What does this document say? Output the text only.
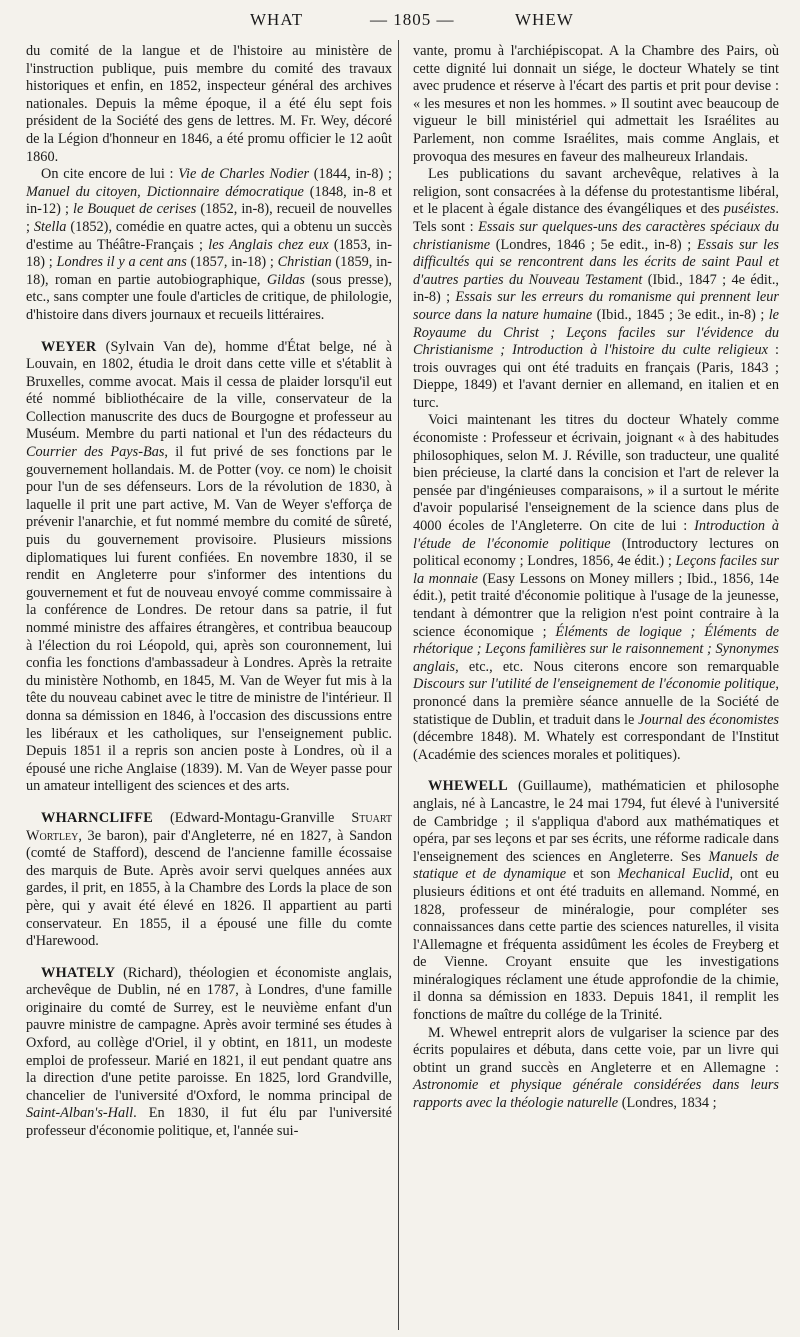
WHAT	— 1805 —	WHEW

du comité de la langue et de l'histoire au ministère de l'instruction publique, puis membre du comité des travaux historiques et enfin, en 1852, inspecteur général des archives nationales. Depuis la même époque, il a été élu sept fois président de la Société des gens de lettres. M. Fr. Wey, décoré de la Légion d'honneur en 1846, a été promu officier le 12 août 1860.

On cite encore de lui : Vie de Charles Nodier (1844, in-8) ; Manuel du citoyen, Dictionnaire démocratique (1848, in-8 et in-12) ; le Bouquet de cerises (1852, in-8), recueil de nouvelles ; Stella (1852), comédie en quatre actes, qui a obtenu un succès d'estime au Théâtre-Français ; les Anglais chez eux (1853, in-18) ; Londres il y a cent ans (1857, in-18) ; Christian (1859, in-18), roman en partie autobiographique, Gildas (sous presse), etc., sans compter une foule d'articles de critique, de philologie, d'histoire dans divers journaux et recueils littéraires.

WEYER (Sylvain Van de), homme d'État belge, né à Louvain, en 1802, étudia le droit dans cette ville et s'établit à Bruxelles, comme avocat. Mais il cessa de plaider lorsqu'il eut été nommé bibliothécaire de la ville, conservateur de la Collection manuscrite des ducs de Bourgogne et professeur au Muséum. Membre du parti national et l'un des rédacteurs du Courrier des Pays-Bas, il fut privé de ses fonctions par le gouvernement hollandais. M. de Potter (voy. ce nom) le choisit pour l'un de ses défenseurs. Lors de la révolution de 1830, à laquelle il prit une part active, M. Van de Weyer s'efforça de prévenir l'anarchie, et fut nommé membre du comité de sûreté, puis du gouvernement provisoire. Plusieurs missions diplomatiques lui furent confiées. En novembre 1830, il se rendit en Angleterre pour s'informer des intentions du gouvernement et fut de nouveau envoyé comme commissaire à la conférence de Londres. De retour dans sa patrie, il fut nommé ministre des affaires étrangères, et contribua beaucoup à l'élection du roi Léopold, qui, après son couronnement, lui confia les fonctions d'ambassadeur à Londres. Après la retraite du ministère Nothomb, en 1845, M. Van de Weyer fut mis à la tête du nouveau cabinet avec le titre de ministre de l'intérieur. Il donna sa démission en 1846, à l'occasion des discussions entre les libéraux et les catholiques, sur l'enseignement public. Depuis 1851 il a repris son ancien poste à Londres, où il a épousé une riche Anglaise (1839). M. Van de Weyer passe pour un amateur intelligent des sciences et des arts.

WHARNCLIFFE (Edward-Montagu-Granville Stuart Wortley, 3e baron), pair d'Angleterre, né en 1827, à Sandon (comté de Stafford), descend de l'ancienne famille écossaise des marquis de Bute. Après avoir servi quelques années aux gardes, il prit, en 1855, à la Chambre des Lords la place de son père, qui y avait été élevé en 1826. Il appartient au parti conservateur. En 1855, il a épousé une fille du comte d'Harewood.

WHATELY (Richard), théologien et économiste anglais, archevêque de Dublin, né en 1787, à Londres, d'une famille originaire du comté de Surrey, est le neuvième enfant d'un pauvre ministre de campagne. Après avoir terminé ses études à Oxford, au collège d'Oriel, il y obtint, en 1811, un modeste emploi de professeur. Marié en 1821, il eut pendant quatre ans la direction d'une petite paroisse. En 1825, lord Grandville, chancelier de l'université d'Oxford, le nomma principal de Saint-Alban's-Hall. En 1830, il fut élu par l'université professeur d'économie politique, et, l'année sui-

vante, promu à l'archiépiscopat. A la Chambre des Pairs, où cette dignité lui donnait un siége, le docteur Whately se tint avec prudence et réserve à l'écart des partis et prit pour devise : « les mesures et non les hommes. » Il soutint avec beaucoup de vigueur le bill ministériel qui admettait les Israélites au Parlement, non comme Israélites, mais comme Anglais, et provoqua des mesures en faveur des malheureux Irlandais.

Les publications du savant archevêque, relatives à la religion, sont consacrées à la défense du protestantisme libéral, et le placent à égale distance des évangéliques et des puséistes. Tels sont : Essais sur quelques-uns des caractères spéciaux du christianisme (Londres, 1846 ; 5e edit., in-8) ; Essais sur les difficultés qui se rencontrent dans les écrits de saint Paul et d'autres parties du Nouveau Testament (Ibid., 1847 ; 4e édit., in-8) ; Essais sur les erreurs du romanisme qui prennent leur source dans la nature humaine (Ibid., 1845 ; 3e edit., in-8) ; le Royaume du Christ ; Leçons faciles sur l'évidence du Christianisme ; Introduction à l'histoire du culte religieux : trois ouvrages qui ont été traduits en français (Paris, 1843 ; Dieppe, 1849) et l'avant dernier en allemand, en italien et en turc.

Voici maintenant les titres du docteur Whately comme économiste : Professeur et écrivain, joignant « à des habitudes philosophiques, selon M. J. Réville, son traducteur, une qualité bien précieuse, la clarté dans la concision et l'art de relever la pensée par d'ingénieuses comparaisons, » il a surtout le mérite d'avoir popularisé l'enseignement de la science dans plus de 4000 écoles de l'Angleterre. On cite de lui : Introduction à l'étude de l'économie politique (Introductory lectures on political economy ; Londres, 1856, 4e édit.) ; Leçons faciles sur la monnaie (Easy Lessons on Money millers ; Ibid., 1856, 14e édit.), petit traité d'économie politique à l'usage de la jeunesse, tendant à démontrer que la religion n'est point contraire à la science économique ; Éléments de logique ; Éléments de rhétorique ; Leçons familières sur le raisonnement ; Synonymes anglais, etc., etc. Nous citerons encore son remarquable Discours sur l'utilité de l'enseignement de l'économie politique, prononcé dans la première séance annuelle de la Société de statistique de Dublin, et traduit dans le Journal des économistes (décembre 1848). M. Whately est correspondant de l'Institut (Académie des sciences morales et politiques).

WHEWELL (Guillaume), mathématicien et philosophe anglais, né à Lancastre, le 24 mai 1794, fut élevé à l'université de Cambridge ; il s'appliqua d'abord aux mathématiques et opéra, par ses leçons et par ses écrits, une réforme radicale dans l'enseignement des sciences en Angleterre. Ses Manuels de statique et de dynamique et son Mechanical Euclid, ont eu plusieurs éditions et ont été traduits en allemand. Nommé, en 1828, professeur de minéralogie, pour compléter ses connaissances dans cette partie des sciences naturelles, il visita l'Allemagne et fréquenta assidûment les écoles de Freyberg et de Vienne. Croyant ensuite que les investigations minéralogiques réclament une étude approfondie de la chimie, il donna sa démission en 1833. Depuis 1841, il remplit les fonctions de maître du collége de la Trinité.

M. Whewel entreprit alors de vulgariser la science par des écrits populaires et débuta, dans cette voie, par un livre qui obtint un grand succès en Angleterre et en Allemagne : Astronomie et physique générale considérées dans leurs rapports avec la théologie naturelle (Londres, 1834 ;
